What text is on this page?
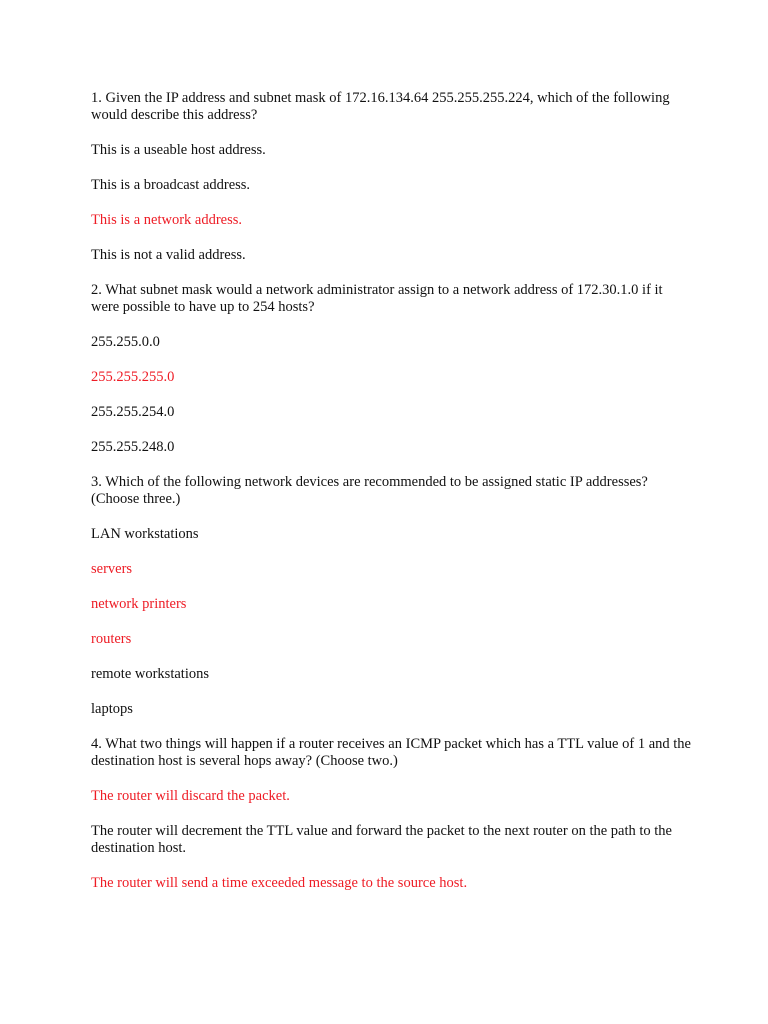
1. Given the IP address and subnet mask of 172.16.134.64 255.255.255.224, which of the following would describe this address?

This is a useable host address.

This is a broadcast address.

This is a network address.

This is not a valid address.

2. What subnet mask would a network administrator assign to a network address of 172.30.1.0 if it were possible to have up to 254 hosts?

255.255.0.0

255.255.255.0

255.255.254.0

255.255.248.0

3. Which of the following network devices are recommended to be assigned static IP addresses? (Choose three.)

LAN workstations

servers

network printers

routers

remote workstations

laptops

4. What two things will happen if a router receives an ICMP packet which has a TTL value of 1 and the destination host is several hops away? (Choose two.)

The router will discard the packet.

The router will decrement the TTL value and forward the packet to the next router on the path to the destination host.

The router will send a time exceeded message to the source host.
